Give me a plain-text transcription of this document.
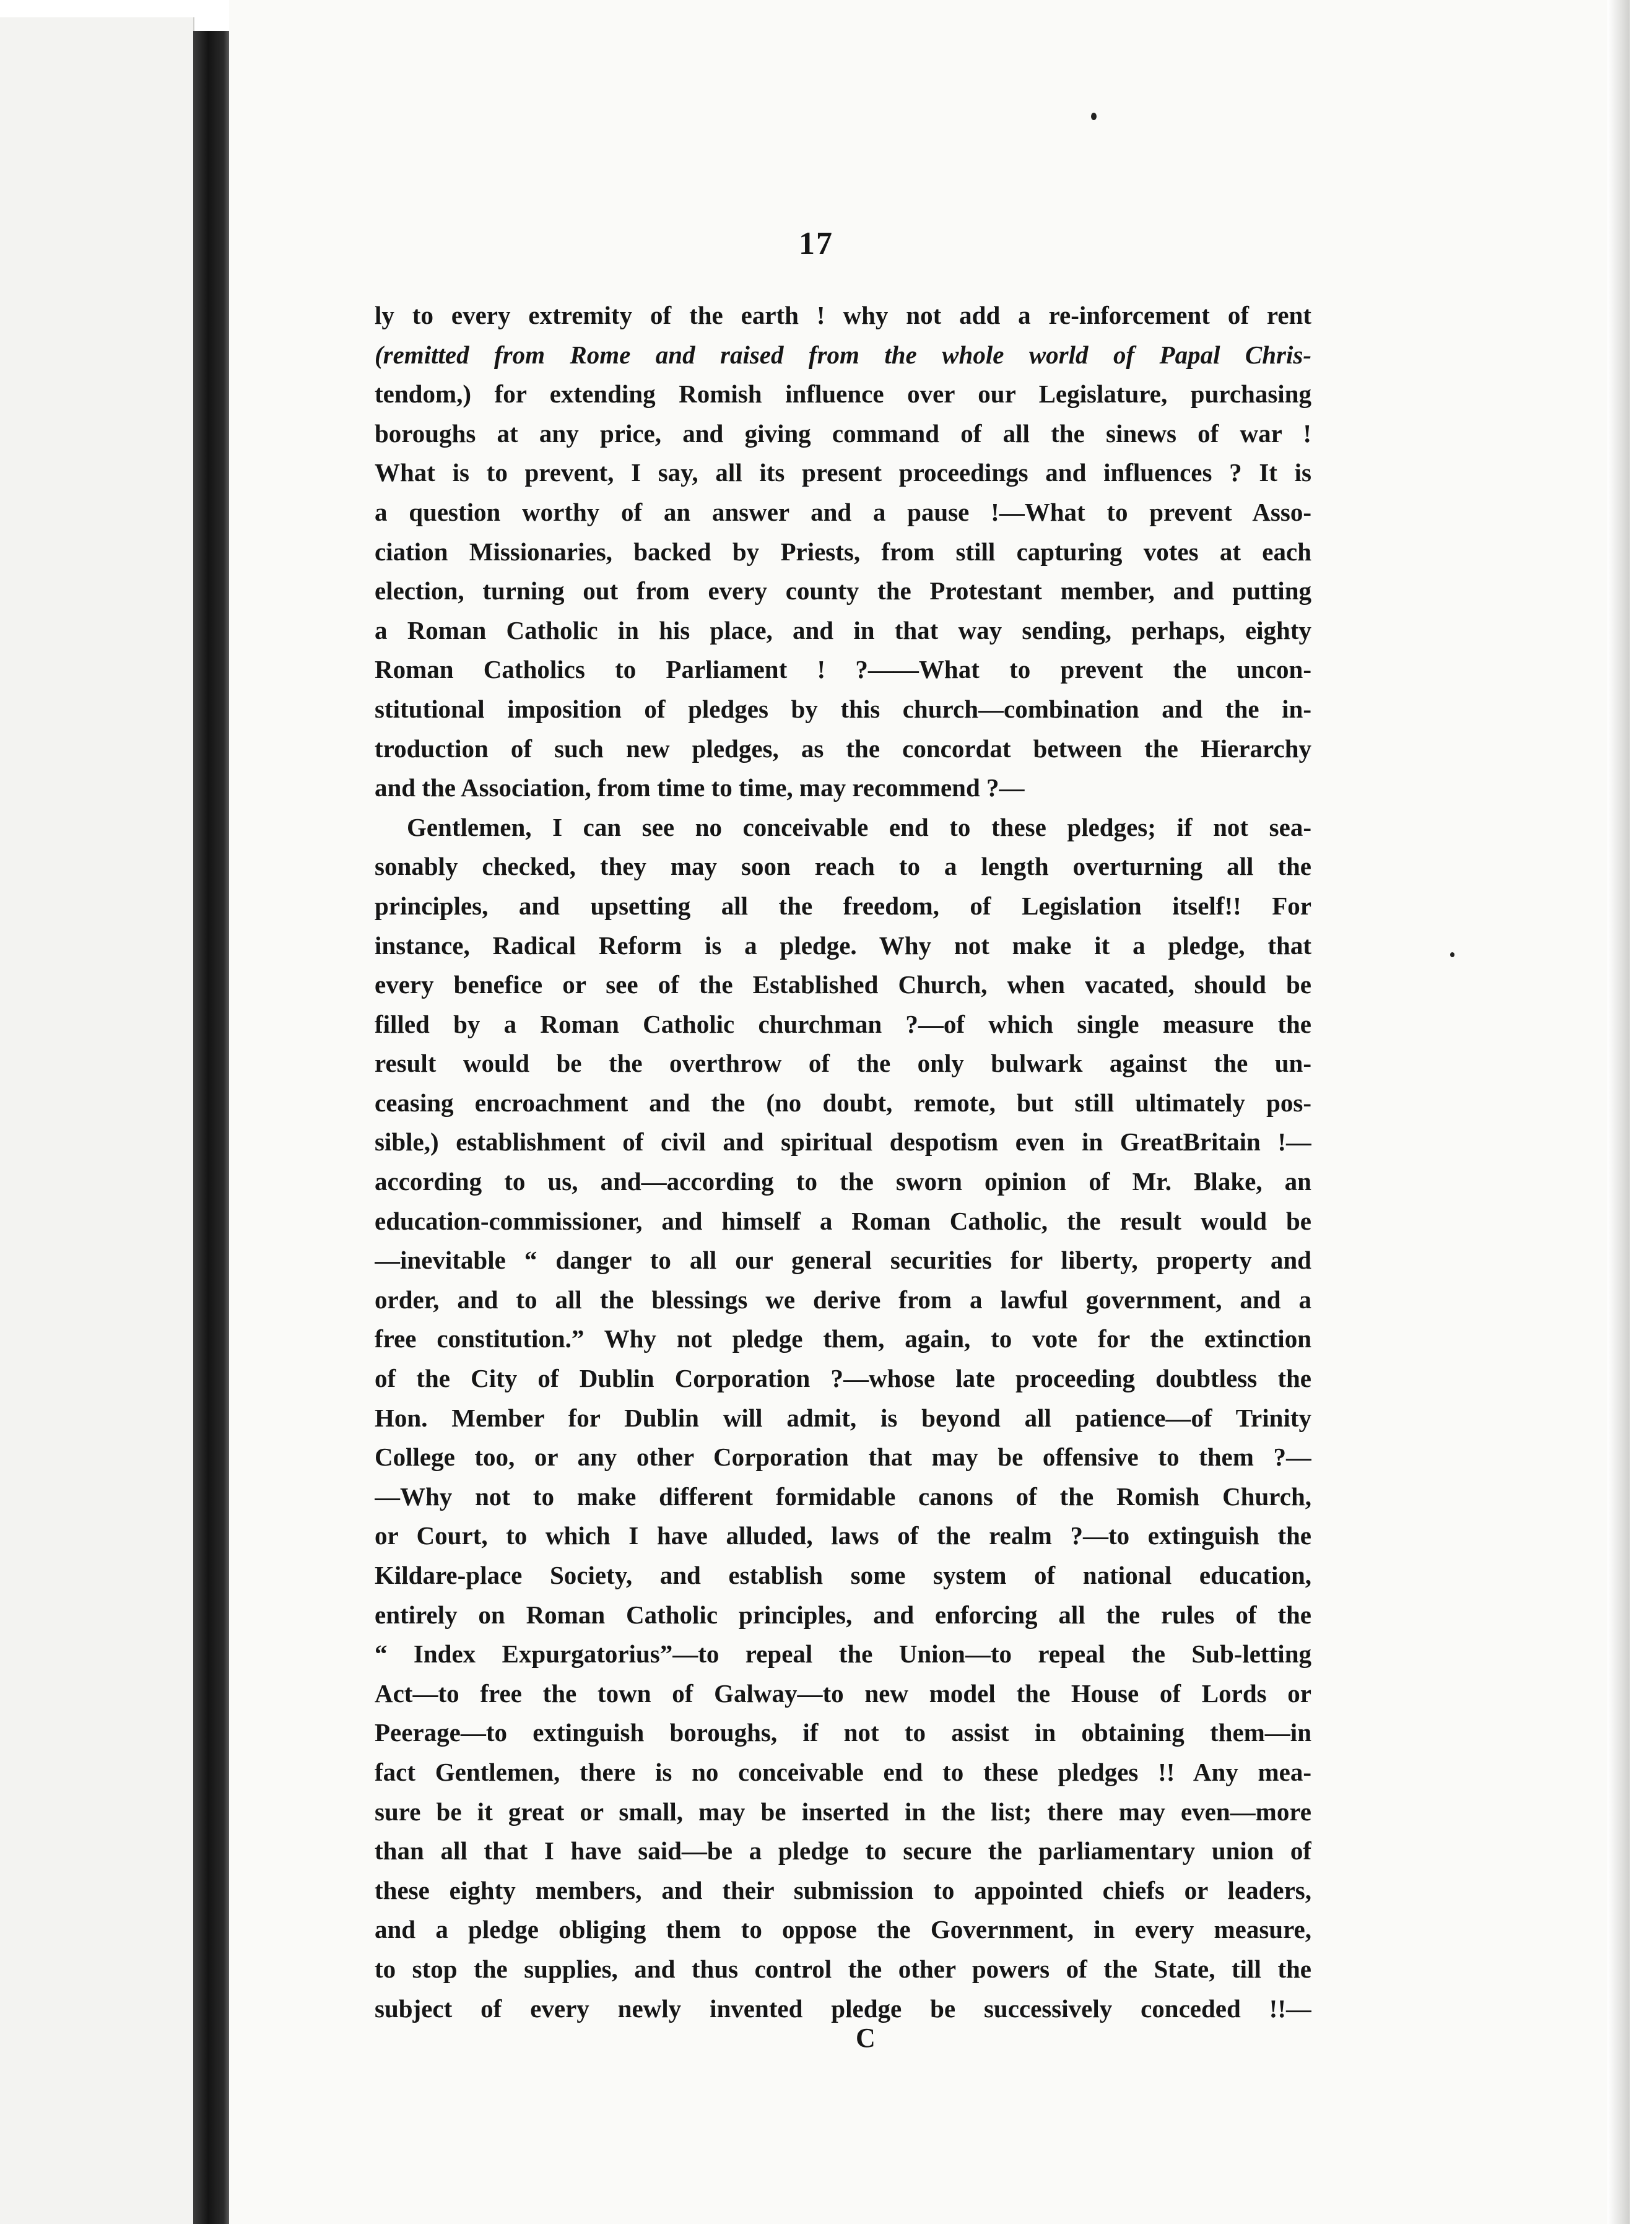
17
ly to every extremity of the earth ! why not add a re-inforcement of rent
(remitted from Rome and raised from the whole world of Papal Chris-
tendom,) for extending Romish influence over our Legislature, purchasing
boroughs at any price, and giving command of all the sinews of war !
What is to prevent, I say, all its present proceedings and influences ? It is
a question worthy of an answer and a pause !—What to prevent Asso-
ciation Missionaries, backed by Priests, from still capturing votes at each
election, turning out from every county the Protestant member, and putting
a Roman Catholic in his place, and in that way sending, perhaps, eighty
Roman Catholics to Parliament ! ?——What to prevent the uncon-
stitutional imposition of pledges by this church—combination and the in-
troduction of such new pledges, as the concordat between the Hierarchy
and the Association, from time to time, may recommend ?—
Gentlemen, I can see no conceivable end to these pledges; if not sea-
sonably checked, they may soon reach to a length overturning all the
principles, and upsetting all the freedom, of Legislation itself!! For
instance, Radical Reform is a pledge. Why not make it a pledge, that
every benefice or see of the Established Church, when vacated, should be
filled by a Roman Catholic churchman ?—of which single measure the
result would be the overthrow of the only bulwark against the un-
ceasing encroachment and the (no doubt, remote, but still ultimately pos-
sible,) establishment of civil and spiritual despotism even in GreatBritain !—
according to us, and—according to the sworn opinion of Mr. Blake, an
education-commissioner, and himself a Roman Catholic, the result would be
—inevitable “ danger to all our general securities for liberty, property and
order, and to all the blessings we derive from a lawful government, and a
free constitution.” Why not pledge them, again, to vote for the extinction
of the City of Dublin Corporation ?—whose late proceeding doubtless the
Hon. Member for Dublin will admit, is beyond all patience—of Trinity
College too, or any other Corporation that may be offensive to them ?—
—Why not to make different formidable canons of the Romish Church,
or Court, to which I have alluded, laws of the realm ?—to extinguish the
Kildare-place Society, and establish some system of national education,
entirely on Roman Catholic principles, and enforcing all the rules of the
“ Index Expurgatorius”—to repeal the Union—to repeal the Sub-letting
Act—to free the town of Galway—to new model the House of Lords or
Peerage—to extinguish boroughs, if not to assist in obtaining them—in
fact Gentlemen, there is no conceivable end to these pledges !! Any mea-
sure be it great or small, may be inserted in the list; there may even—more
than all that I have said—be a pledge to secure the parliamentary union of
these eighty members, and their submission to appointed chiefs or leaders,
and a pledge obliging them to oppose the Government, in every measure,
to stop the supplies, and thus control the other powers of the State, till the
subject of every newly invented pledge be successively conceded !!—
C
